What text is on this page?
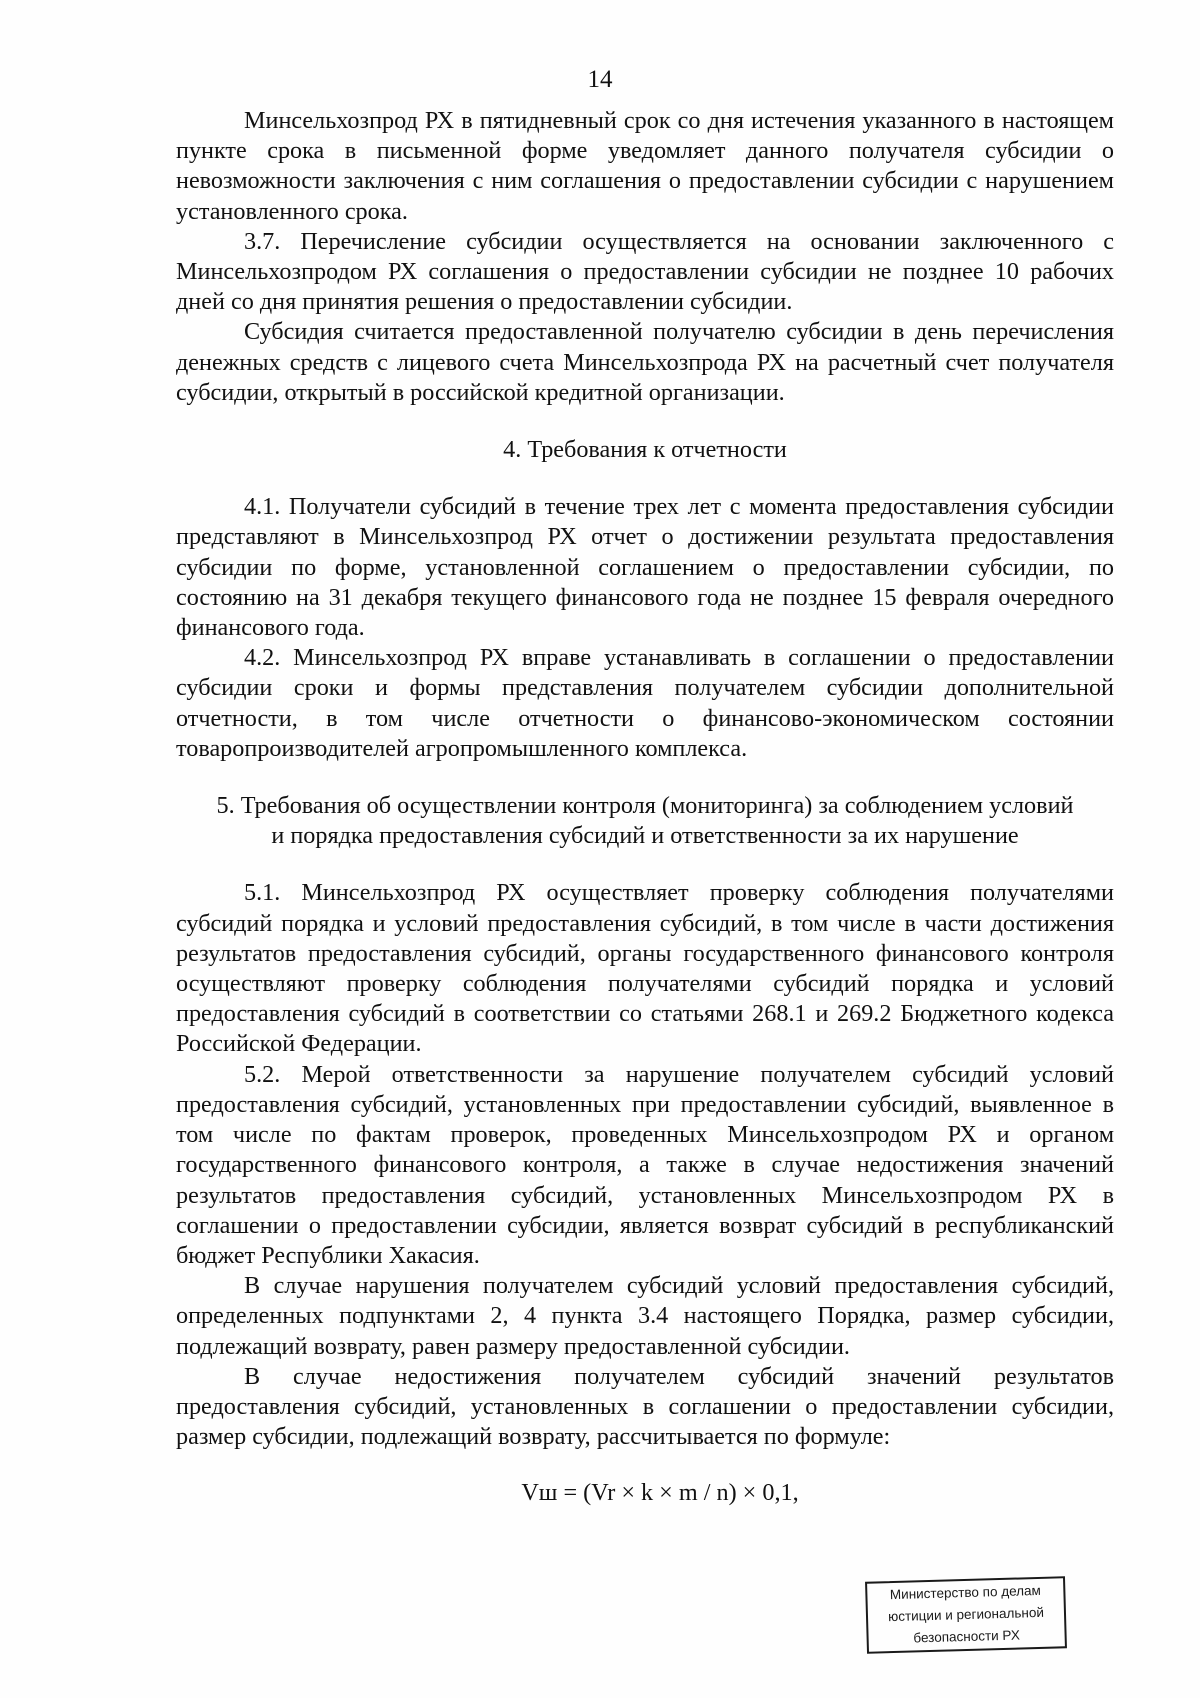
14

Минсельхозпрод РХ в пятидневный срок со дня истечения указанного в настоящем пункте срока в письменной форме уведомляет данного получателя субсидии о невозможности заключения с ним соглашения о предоставлении субсидии с нарушением установленного срока.

3.7. Перечисление субсидии осуществляется на основании заключенного с Минсельхозпродом РХ соглашения о предоставлении субсидии не позднее 10 рабочих дней со дня принятия решения о предоставлении субсидии.

Субсидия считается предоставленной получателю субсидии в день перечисления денежных средств с лицевого счета Минсельхозпрода РХ на расчетный счет получателя субсидии, открытый в российской кредитной организации.

4. Требования к отчетности

4.1. Получатели субсидий в течение трех лет с момента предоставления субсидии представляют в Минсельхозпрод РХ отчет о достижении результата предоставления субсидии по форме, установленной соглашением о предоставлении субсидии, по состоянию на 31 декабря текущего финансового года не позднее 15 февраля очередного финансового года.

4.2. Минсельхозпрод РХ вправе устанавливать в соглашении о предоставлении субсидии сроки и формы представления получателем субсидии дополнительной отчетности, в том числе отчетности о финансово-экономическом состоянии товаропроизводителей агропромышленного комплекса.

5. Требования об осуществлении контроля (мониторинга) за соблюдением условий
и порядка предоставления субсидий и ответственности за их нарушение

5.1. Минсельхозпрод РХ осуществляет проверку соблюдения получателями субсидий порядка и условий предоставления субсидий, в том числе в части достижения результатов предоставления субсидий, органы государственного финансового контроля осуществляют проверку соблюдения получателями субсидий порядка и условий предоставления субсидий в соответствии со статьями 268.1 и 269.2 Бюджетного кодекса Российской Федерации.

5.2. Мерой ответственности за нарушение получателем субсидий условий предоставления субсидий, установленных при предоставлении субсидий, выявленное в том числе по фактам проверок, проведенных Минсельхозпродом РХ и органом государственного финансового контроля, а также в случае недостижения значений результатов предоставления субсидий, установленных Минсельхозпродом РХ в соглашении о предоставлении субсидии, является возврат субсидий в республиканский бюджет Республики Хакасия.

В случае нарушения получателем субсидий условий предоставления субсидий, определенных подпунктами 2, 4 пункта 3.4 настоящего Порядка, размер субсидии, подлежащий возврату, равен размеру предоставленной субсидии.

В случае недостижения получателем субсидий значений результатов предоставления субсидий, установленных в соглашении о предоставлении субсидии, размер субсидии, подлежащий возврату, рассчитывается по формуле:

Vш = (Vr × k × m / n) × 0,1,

Министерство по делам
юстиции и региональной
безопасности РХ
